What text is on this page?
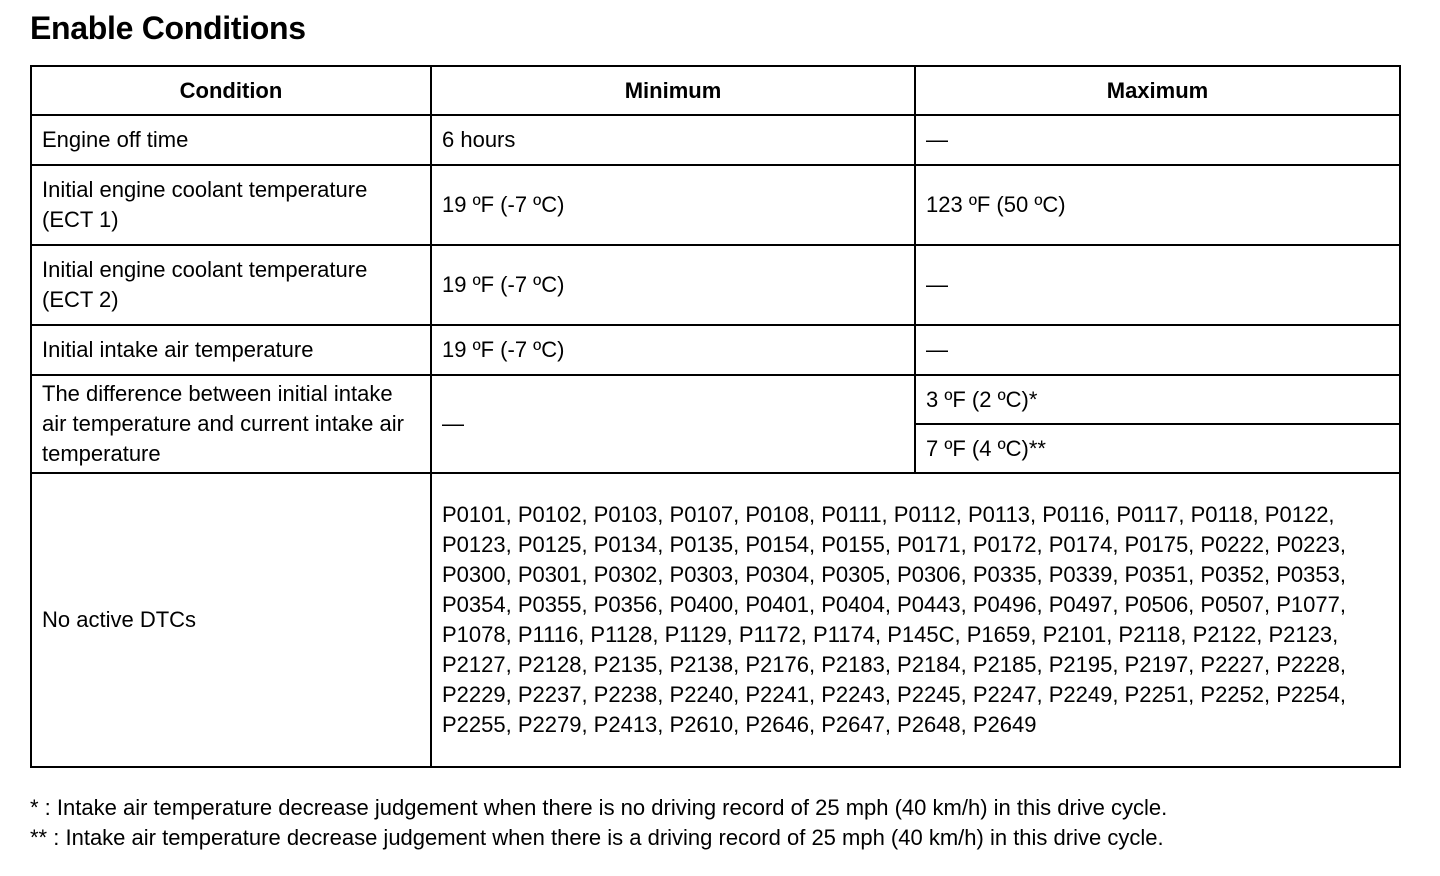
Enable Conditions
Condition	Minimum	Maximum
Engine off time	6 hours	—
Initial engine coolant temperature (ECT 1)	19 ºF (-7 ºC)	123 ºF (50 ºC)
Initial engine coolant temperature (ECT 2)	19 ºF (-7 ºC)	—
Initial intake air temperature	19 ºF (-7 ºC)	—
The difference between initial intake air temperature and current intake air temperature	—	3 ºF (2 ºC)*
		7 ºF (4 ºC)**
No active DTCs	P0101, P0102, P0103, P0107, P0108, P0111, P0112, P0113, P0116, P0117, P0118, P0122, P0123, P0125, P0134, P0135, P0154, P0155, P0171, P0172, P0174, P0175, P0222, P0223, P0300, P0301, P0302, P0303, P0304, P0305, P0306, P0335, P0339, P0351, P0352, P0353, P0354, P0355, P0356, P0400, P0401, P0404, P0443, P0496, P0497, P0506, P0507, P1077, P1078, P1116, P1128, P1129, P1172, P1174, P145C, P1659, P2101, P2118, P2122, P2123, P2127, P2128, P2135, P2138, P2176, P2183, P2184, P2185, P2195, P2197, P2227, P2228, P2229, P2237, P2238, P2240, P2241, P2243, P2245, P2247, P2249, P2251, P2252, P2254, P2255, P2279, P2413, P2610, P2646, P2647, P2648, P2649	
* : Intake air temperature decrease judgement when there is no driving record of 25 mph (40 km/h) in this drive cycle.
** : Intake air temperature decrease judgement when there is a driving record of 25 mph (40 km/h) in this drive cycle.
